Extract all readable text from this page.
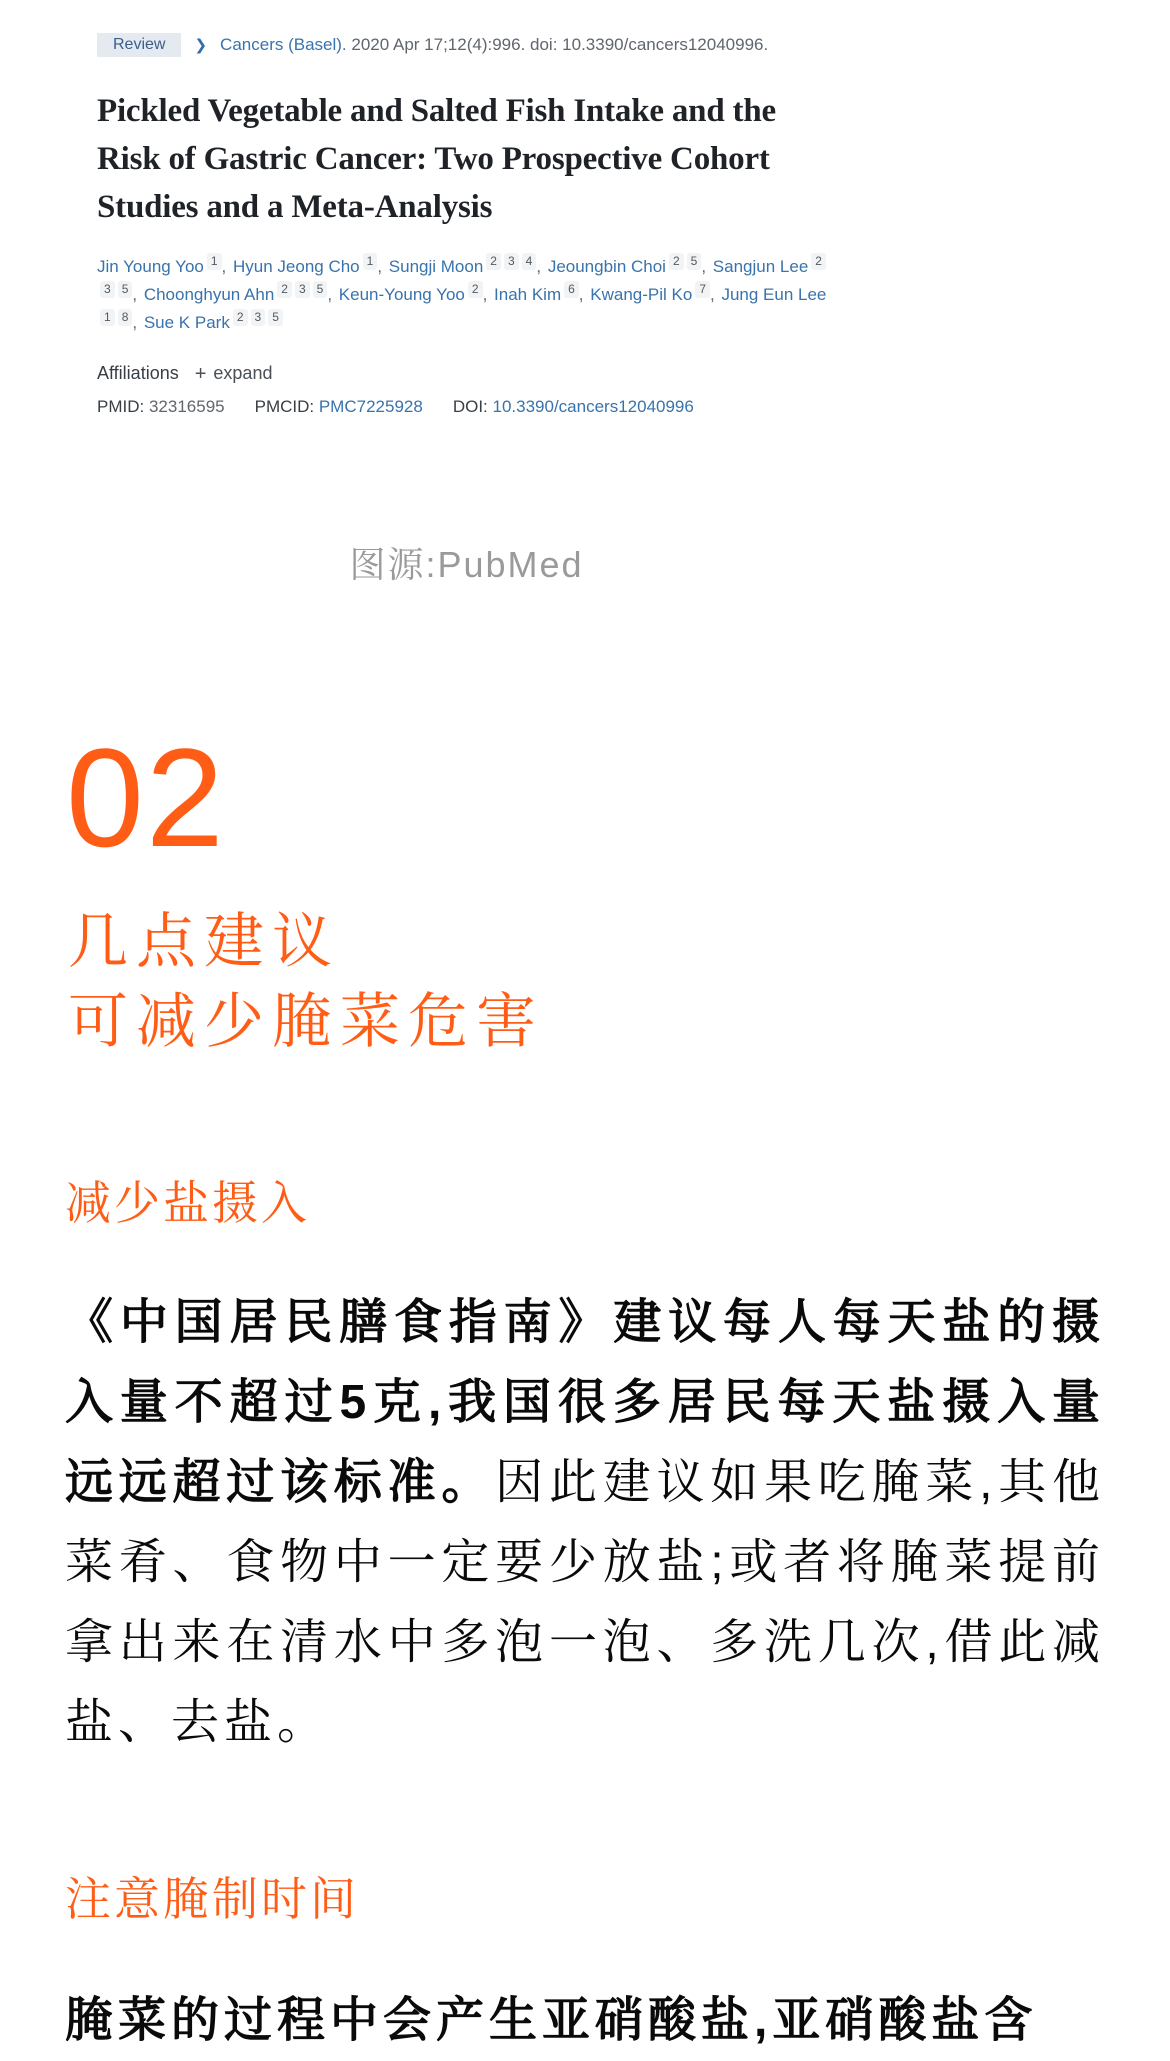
Review	❯ Cancers (Basel). 2020 Apr 17;12(4):996. doi: 10.3390/cancers12040996.
Pickled Vegetable and Salted Fish Intake and the Risk of Gastric Cancer: Two Prospective Cohort Studies and a Meta-Analysis
Jin Young Yoo $^1$ , Hyun Jeong Cho $^1$ , Sungji Moon $^2$ $^3$ $^4$ , Jeoungbin Choi $^2$ $^5$ , Sangjun Lee $^{23}$ $^5$ , Choonghyun Ahn $^2$ $^3$ $^5$ , Keun-Young Yoo $^2$ , Inah Kim $^6$ , Kwang-Pil Ko $^7$ , Jung Eun Lee$^1$ $^8$ , Sue K Park $^2$ $^3$ $^5$
Affiliations + expand
PMID: 32316595 PMCID: PMC7225928 DOI: 10.3390/cancers12040996
图源:PubMed
02
几点建议
可减少腌菜危害
减少盐摄入

《中国居民膳食指南》建议每人每天盐的摄入量不超过5克,我国很多居民每天盐摄入量远远超过该标准。因此建议如果吃腌菜,其他菜肴、食物中一定要少放盐;或者将腌菜提前拿出来在清水中多泡一泡、多洗几次,借此减盐、去盐。

注意腌制时间

腌菜的过程中会产生亚硝酸盐,亚硝酸盐含
